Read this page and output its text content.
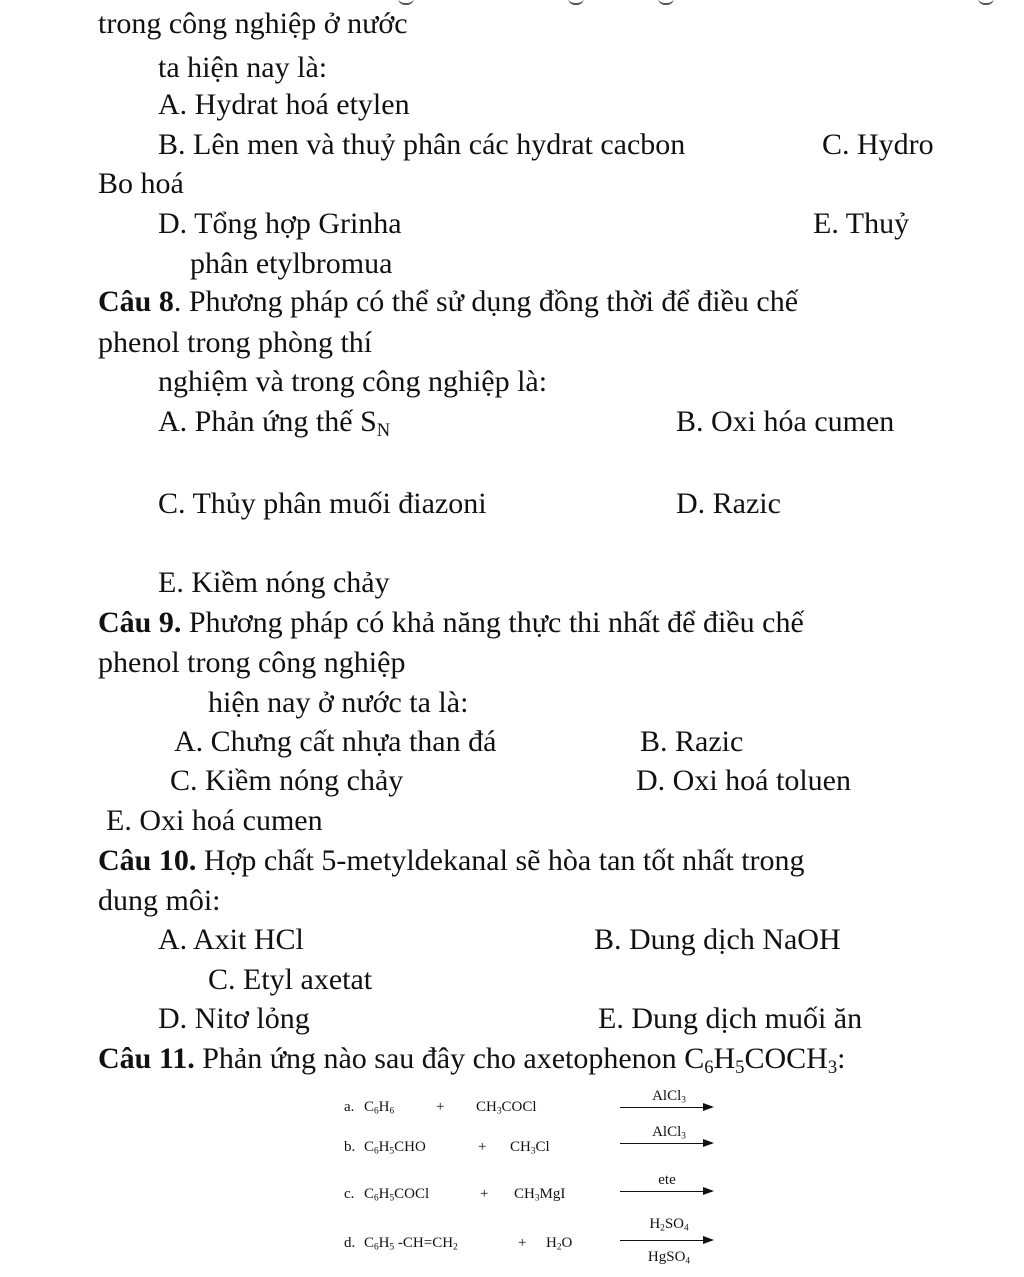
trong công nghiệp ở nước
ta hiện nay là:
A. Hydrat hoá etylen
B. Lên men và thuỷ phân các hydrat cacbon	C. Hydro
Bo hoá
D. Tổng hợp Grinha	E. Thuỷ
phân etylbromua
Câu 8. Phương pháp có thể sử dụng đồng thời để điều chế
phenol trong phòng thí
nghiệm và trong công nghiệp là:
A. Phản ứng thế $S_N$	B. Oxi hóa cumen
C. Thủy phân muối điazoni	D. Razic
E. Kiềm nóng chảy
Câu 9. Phương pháp có khả năng thực thi nhất để điều chế
phenol trong công nghiệp
hiện nay ở nước ta là:
A. Chưng cất nhựa than đá	B. Razic
C. Kiềm nóng chảy	D. Oxi hoá toluen
E. Oxi hoá cumen
Câu 10. Hợp chất 5-metyldekanal sẽ hòa tan tốt nhất trong
dung môi:
A. Axit HCl	B. Dung dịch NaOH
C. Etyl axetat
D. Nitơ lỏng	E. Dung dịch muối ăn
Câu 11. Phản ứng nào sau đây cho axetophenon $C_6H_5COCH_3$:
a. $C_6H_6$	+ $CH_3COCl$
AlCl$_3$
b. $C_6H_5CHO$	+ $CH_3Cl$
AlCl$_3$
c. $C_6H_5COCl$	+ $CH_3MgI$
ete
d. $C_6H_5$ $-CH=CH_2$	+ $H_2O$
$H_2SO_4$
HgSO$_4$
